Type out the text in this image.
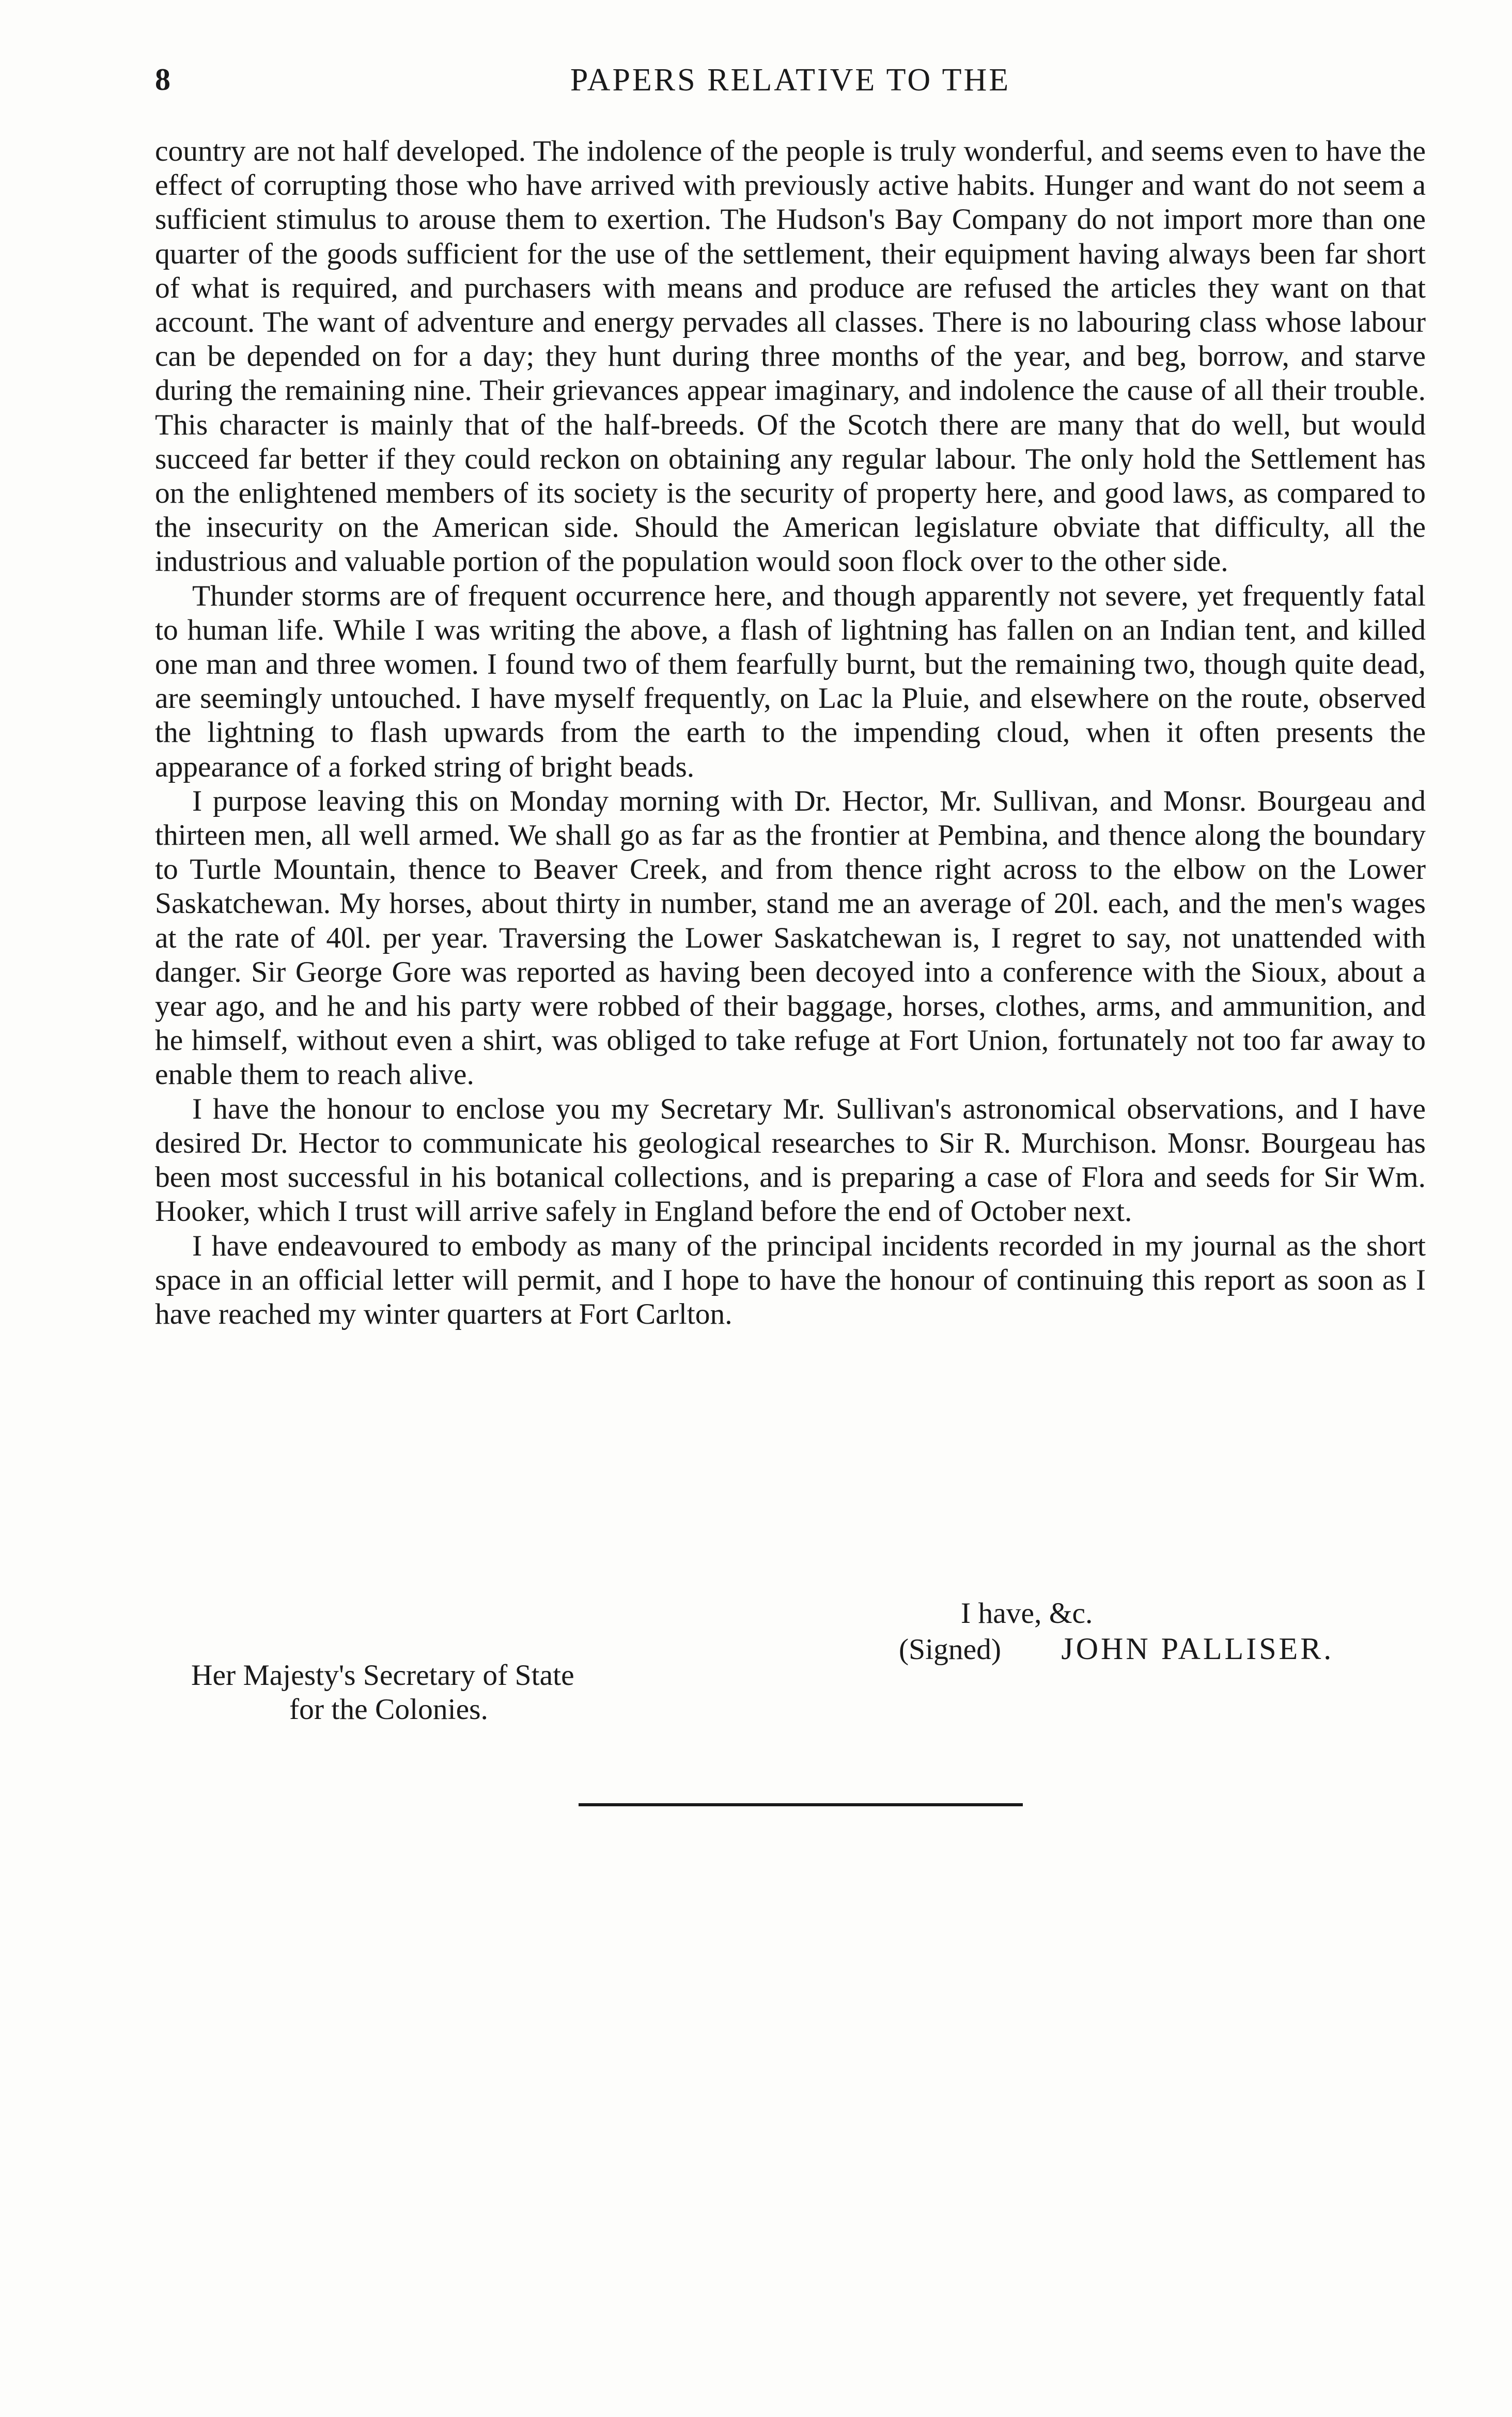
8	PAPERS RELATIVE TO THE

country are not half developed. The indolence of the people is truly wonderful, and seems even to have the effect of corrupting those who have arrived with previously active habits. Hunger and want do not seem a sufficient stimulus to arouse them to exertion. The Hudson's Bay Company do not import more than one quarter of the goods sufficient for the use of the settlement, their equipment having always been far short of what is required, and purchasers with means and produce are refused the articles they want on that account. The want of adventure and energy pervades all classes. There is no labouring class whose labour can be depended on for a day; they hunt during three months of the year, and beg, borrow, and starve during the remaining nine. Their grievances appear imaginary, and indolence the cause of all their trouble. This character is mainly that of the half-breeds. Of the Scotch there are many that do well, but would succeed far better if they could reckon on obtaining any regular labour. The only hold the Settlement has on the enlightened members of its society is the security of property here, and good laws, as compared to the insecurity on the American side. Should the American legislature obviate that difficulty, all the industrious and valuable portion of the population would soon flock over to the other side.

Thunder storms are of frequent occurrence here, and though apparently not severe, yet frequently fatal to human life. While I was writing the above, a flash of lightning has fallen on an Indian tent, and killed one man and three women. I found two of them fearfully burnt, but the remaining two, though quite dead, are seemingly untouched. I have myself frequently, on Lac la Pluie, and elsewhere on the route, observed the lightning to flash upwards from the earth to the impending cloud, when it often presents the appearance of a forked string of bright beads.

I purpose leaving this on Monday morning with Dr. Hector, Mr. Sullivan, and Monsr. Bourgeau and thirteen men, all well armed. We shall go as far as the frontier at Pembina, and thence along the boundary to Turtle Mountain, thence to Beaver Creek, and from thence right across to the elbow on the Lower Saskatchewan. My horses, about thirty in number, stand me an average of 20l. each, and the men's wages at the rate of 40l. per year. Traversing the Lower Saskatchewan is, I regret to say, not unattended with danger. Sir George Gore was reported as having been decoyed into a conference with the Sioux, about a year ago, and he and his party were robbed of their baggage, horses, clothes, arms, and ammunition, and he himself, without even a shirt, was obliged to take refuge at Fort Union, fortunately not too far away to enable them to reach alive.

I have the honour to enclose you my Secretary Mr. Sullivan's astronomical observations, and I have desired Dr. Hector to communicate his geological researches to Sir R. Murchison. Monsr. Bourgeau has been most successful in his botanical collections, and is preparing a case of Flora and seeds for Sir Wm. Hooker, which I trust will arrive safely in England before the end of October next.

I have endeavoured to embody as many of the principal incidents recorded in my journal as the short space in an official letter will permit, and I hope to have the honour of continuing this report as soon as I have reached my winter quarters at Fort Carlton.

I have, &c.
(Signed) JOHN PALLISER.
Her Majesty's Secretary of State
for the Colonies.
